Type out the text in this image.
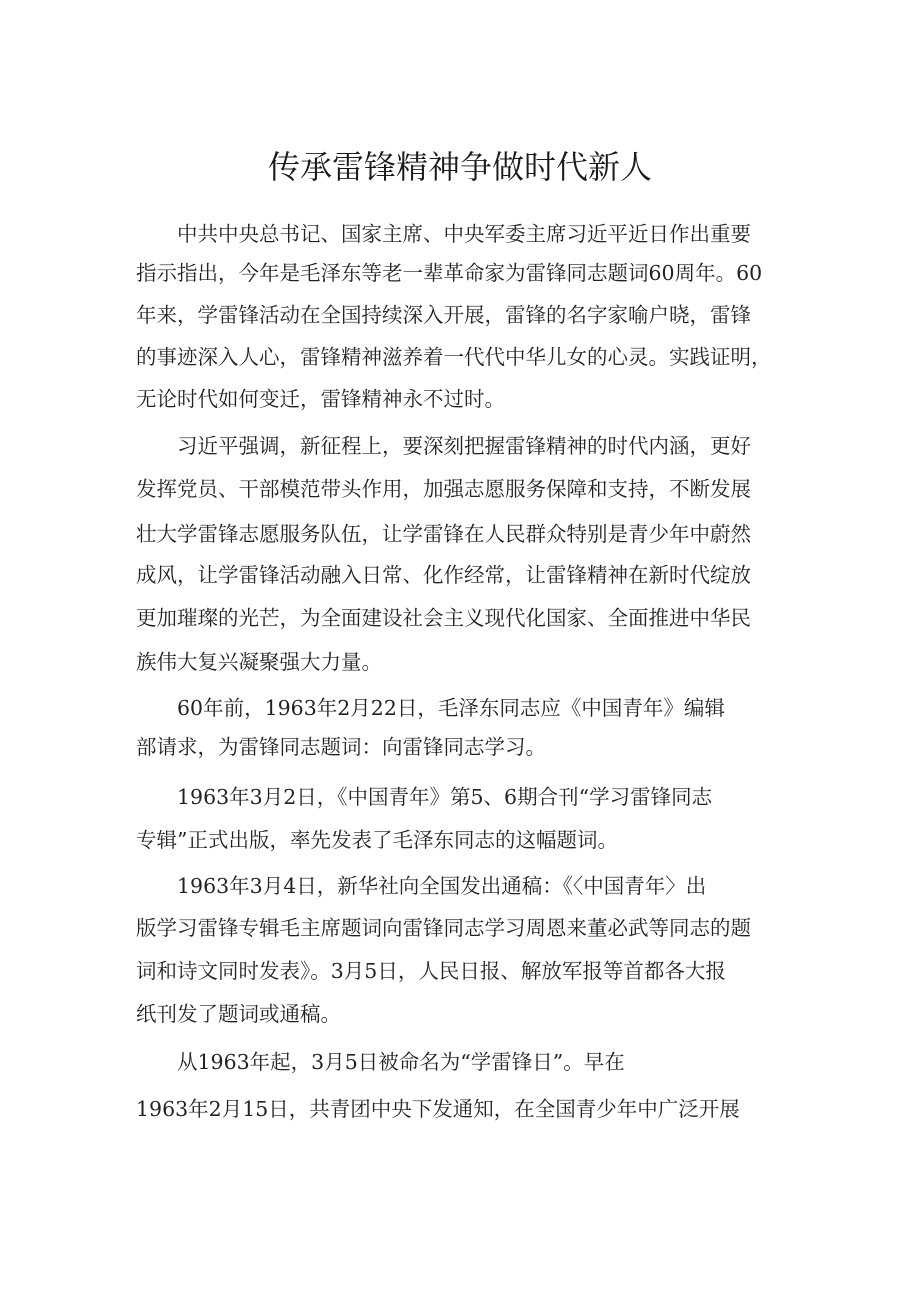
传承雷锋精神争做时代新人
　　中共中央总书记、国家主席、中央军委主席习近平近日作出重要
指示指出，今年是毛泽东等老一辈革命家为雷锋同志题词60周年。60
年来，学雷锋活动在全国持续深入开展，雷锋的名字家喻户晓，雷锋
的事迹深入人心，雷锋精神滋养着一代代中华儿女的心灵。实践证明，
无论时代如何变迁，雷锋精神永不过时。
　　习近平强调，新征程上，要深刻把握雷锋精神的时代内涵，更好
发挥党员、干部模范带头作用，加强志愿服务保障和支持，不断发展
壮大学雷锋志愿服务队伍，让学雷锋在人民群众特别是青少年中蔚然
成风，让学雷锋活动融入日常、化作经常，让雷锋精神在新时代绽放
更加璀璨的光芒，为全面建设社会主义现代化国家、全面推进中华民
族伟大复兴凝聚强大力量。
　　60年前，1963年2月22日，毛泽东同志应《中国青年》编辑
部请求，为雷锋同志题词：向雷锋同志学习。
　　1963年3月2日，《中国青年》第5、6期合刊“学习雷锋同志
专辑”正式出版，率先发表了毛泽东同志的这幅题词。
　　1963年3月4日，新华社向全国发出通稿：《〈中国青年〉出
版学习雷锋专辑毛主席题词向雷锋同志学习周恩来董必武等同志的题
词和诗文同时发表》。3月5日，人民日报、解放军报等首都各大报
纸刊发了题词或通稿。
　　从1963年起，3月5日被命名为“学雷锋日”。早在
1963年2月15日，共青团中央下发通知，在全国青少年中广泛开展
